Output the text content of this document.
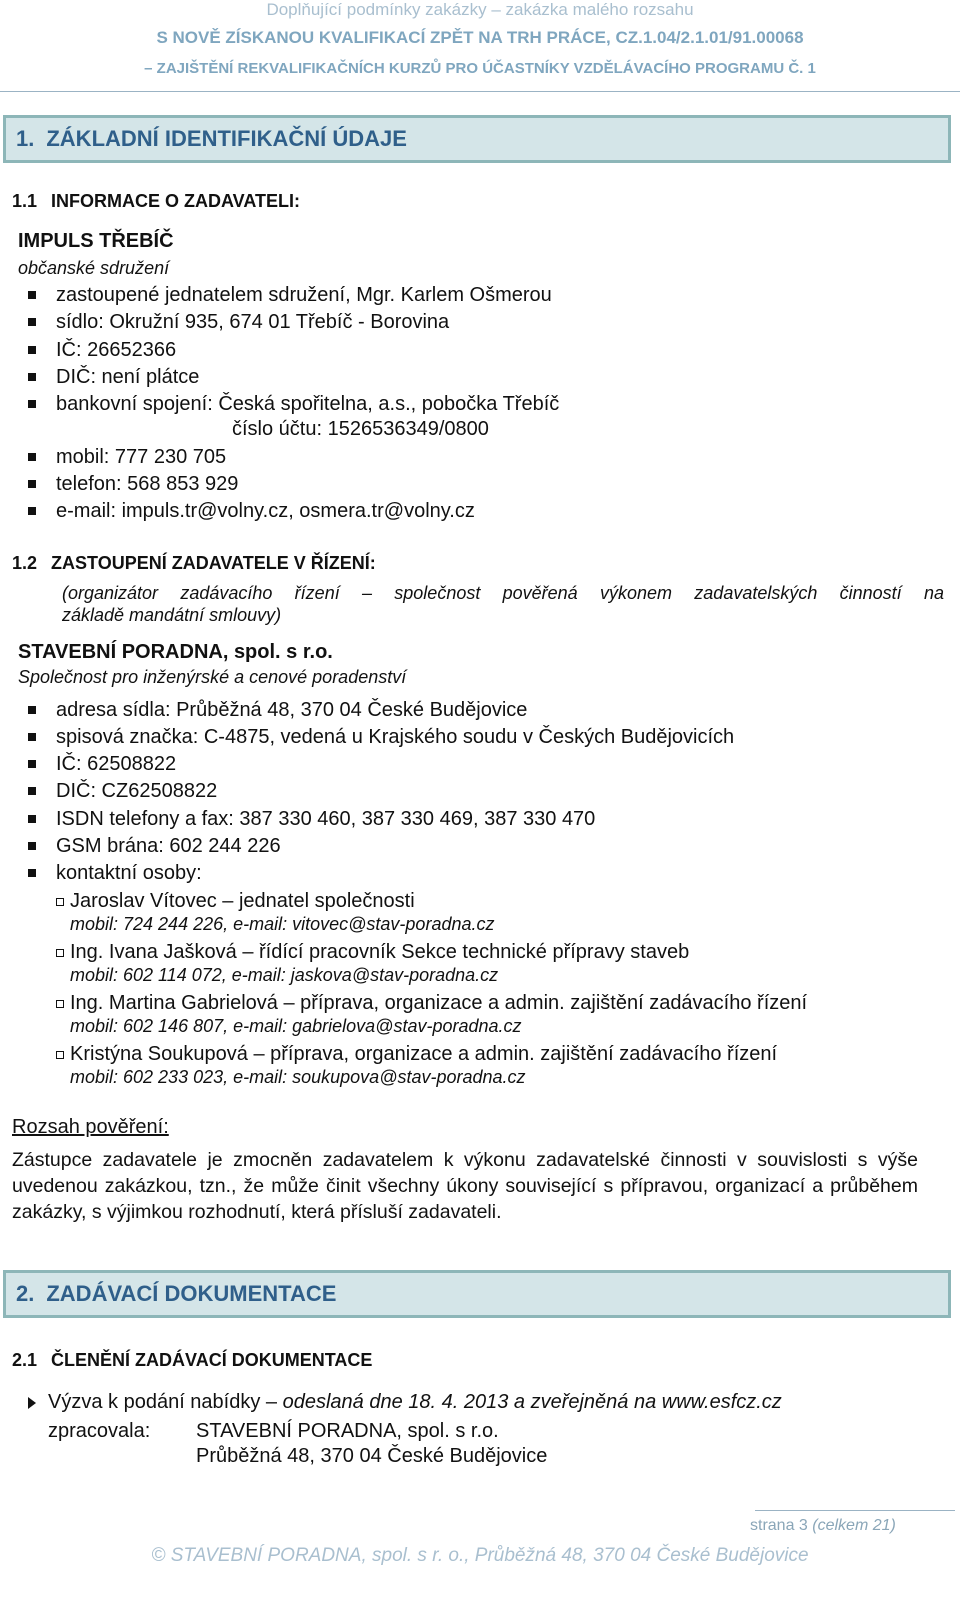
Doplňující podmínky zakázky – zakázka malého rozsahu
S NOVĚ ZÍSKANOU KVALIFIKACÍ ZPĚT NA TRH PRÁCE, CZ.1.04/2.1.01/91.00068
– ZAJIŠTĚNÍ REKVALIFIKAČNÍCH KURZŮ PRO ÚČASTNÍKY VZDĚLÁVACÍHO PROGRAMU Č. 1
1. ZÁKLADNÍ IDENTIFIKAČNÍ ÚDAJE
1.1 INFORMACE O ZADAVATELI:
IMPULS TŘEBÍČ
občanské sdružení
zastoupené jednatelem sdružení, Mgr. Karlem Ošmerou
sídlo: Okružní 935, 674 01 Třebíč - Borovina
IČ: 26652366
DIČ: není plátce
bankovní spojení: Česká spořitelna, a.s., pobočka Třebíč
číslo účtu: 1526536349/0800
mobil: 777 230 705
telefon: 568 853 929
e-mail: impuls.tr@volny.cz, osmera.tr@volny.cz
1.2 ZASTOUPENÍ ZADAVATELE V ŘÍZENÍ:
(organizátor zadávacího řízení – společnost pověřená výkonem zadavatelských činností na
základě mandátní smlouvy)
STAVEBNÍ PORADNA, spol. s r.o.
Společnost pro inženýrské a cenové poradenství
adresa sídla: Průběžná 48, 370 04 České Budějovice
spisová značka: C-4875, vedená u Krajského soudu v Českých Budějovicích
IČ: 62508822
DIČ: CZ62508822
ISDN telefony a fax: 387 330 460, 387 330 469, 387 330 470
GSM brána: 602 244 226
kontaktní osoby:
Jaroslav Vítovec – jednatel společnosti
mobil: 724 244 226, e-mail: vitovec@stav-poradna.cz
Ing. Ivana Jašková – řídící pracovník Sekce technické přípravy staveb
mobil: 602 114 072, e-mail: jaskova@stav-poradna.cz
Ing. Martina Gabrielová – příprava, organizace a admin. zajištění zadávacího řízení
mobil: 602 146 807, e-mail: gabrielova@stav-poradna.cz
Kristýna Soukupová – příprava, organizace a admin. zajištění zadávacího řízení
mobil: 602 233 023, e-mail: soukupova@stav-poradna.cz
Rozsah pověření:
Zástupce zadavatele je zmocněn zadavatelem k výkonu zadavatelské činnosti v souvislosti s výše uvedenou zakázkou, tzn., že může činit všechny úkony související s přípravou, organizací a průběhem zakázky, s výjimkou rozhodnutí, která přísluší zadavateli.
2. ZADÁVACÍ DOKUMENTACE
2.1 ČLENĚNÍ ZADÁVACÍ DOKUMENTACE
Výzva k podání nabídky – odeslaná dne 18. 4. 2013 a zveřejněná na www.esfcz.cz
zpracovala: STAVEBNÍ PORADNA, spol. s r.o.
Průběžná 48, 370 04 České Budějovice
strana 3 (celkem 21)
© STAVEBNÍ PORADNA, spol. s r. o., Průběžná 48, 370 04 České Budějovice
